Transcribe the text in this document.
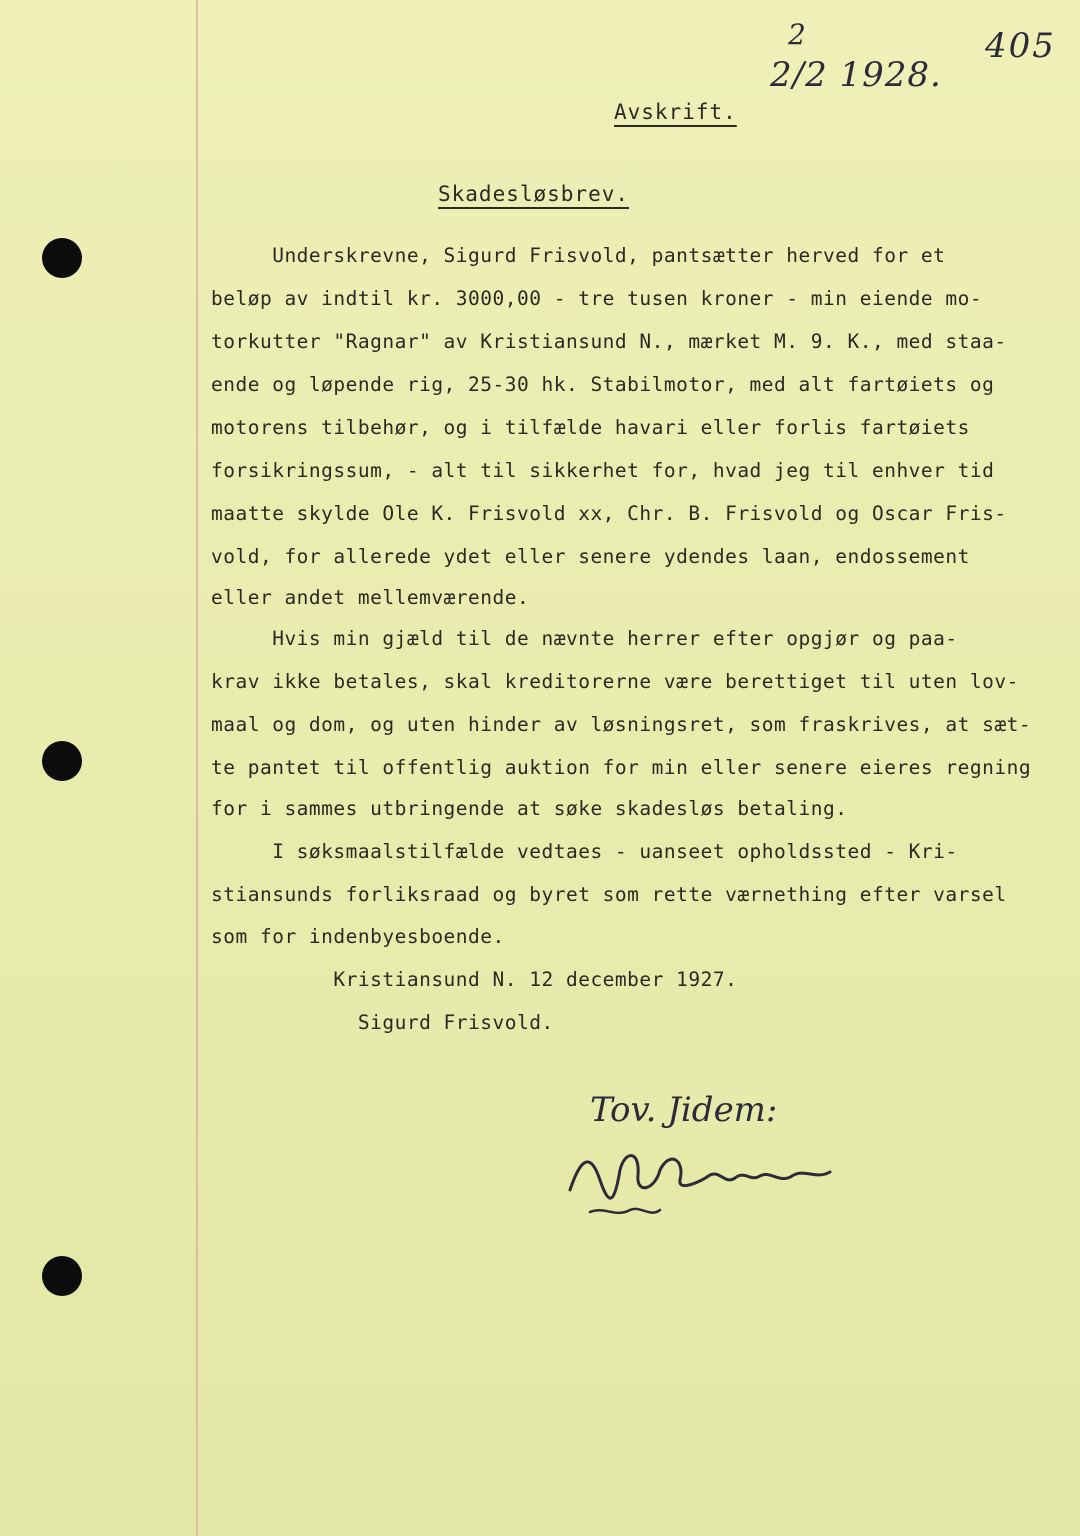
2
2/2 1928.
405
Avskrift.
Skadesløsbrev.
Underskrevne, Sigurd Frisvold, pantsætter herved for et
beløp av indtil kr. 3000,00 - tre tusen kroner - min eiende mo-
torkutter "Ragnar" av Kristiansund N., mærket M. 9. K., med staa-
ende og løpende rig, 25-30 hk. Stabilmotor, med alt fartøiets og
motorens tilbehør, og i tilfælde havari eller forlis fartøiets
forsikringssum, - alt til sikkerhet for, hvad jeg til enhver tid
maatte skylde Ole K. Frisvold xx, Chr. B. Frisvold og Oscar Fris-
vold, for allerede ydet eller senere ydendes laan, endossement
eller andet mellemværende.
Hvis min gjæld til de nævnte herrer efter opgjør og paa-
krav ikke betales, skal kreditorerne være berettiget til uten lov-
maal og dom, og uten hinder av løsningsret, som fraskrives, at sæt-
te pantet til offentlig auktion for min eller senere eieres regning
for i sammes utbringende at søke skadesløs betaling.
I søksmaalstilfælde vedtaes - uanseet opholdssted - Kri-
stiansunds forliksraad og byret som rette værnething efter varsel
som for indenbyesboende.
Kristiansund N. 12 december 1927.
Sigurd Frisvold.
Tov. Jidem:
